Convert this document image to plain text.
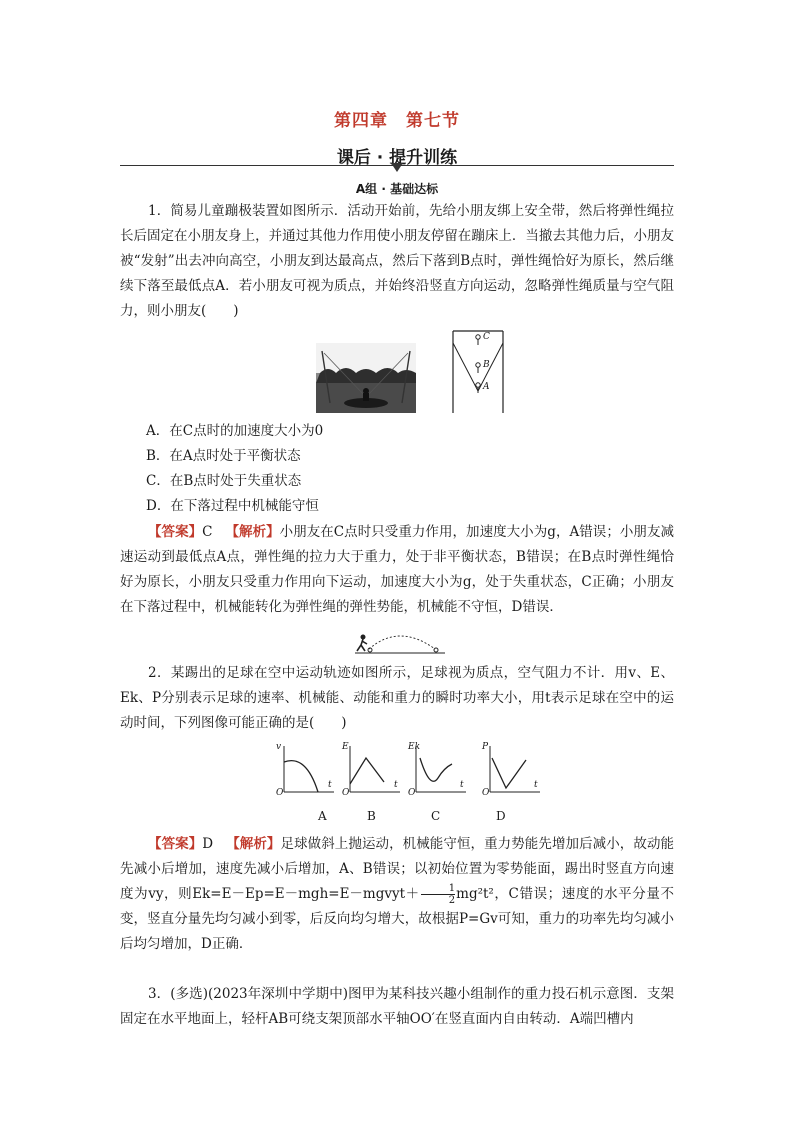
第四章　第七节
课后 · 提升训练
A组 · 基础达标

1．简易儿童蹦极装置如图所示．活动开始前，先给小朋友绑上安全带，然后将弹性绳拉长后固定在小朋友身上，并通过其他力作用使小朋友停留在蹦床上．当撤去其他力后，小朋友被“发射”出去冲向高空，小朋友到达最高点，然后下落到B点时，弹性绳恰好为原长，然后继续下落至最低点A．若小朋友可视为质点，并始终沿竖直方向运动，忽略弹性绳质量与空气阻力，则小朋友(　　)

C
B
A
A．在C点时的加速度大小为0
B．在A点时处于平衡状态
C．在B点时处于失重状态
D．在下落过程中机械能守恒

【答案】C 【解析】小朋友在C点时只受重力作用，加速度大小为g，A错误；小朋友减速运动到最低点A点，弹性绳的拉力大于重力，处于非平衡状态，B错误；在B点时弹性绳恰好为原长，小朋友只受重力作用向下运动，加速度大小为g，处于失重状态，C正确；小朋友在下落过程中，机械能转化为弹性绳的弹性势能，机械能不守恒，D错误．

2．某踢出的足球在空中运动轨迹如图所示，足球视为质点，空气阻力不计．用v、E、Ek、P分别表示足球的速率、机械能、动能和重力的瞬时功率大小，用t表示足球在空中的运动时间，下列图像可能正确的是(　　)

v
t
O
E
t
O
Ek
t
O
P
t
O
A	B	C	D

【答案】D 【解析】足球做斜上抛运动，机械能守恒，重力势能先增加后减小，故动能先减小后增加，速度先减小后增加，A、B错误；以初始位置为零势能面，踢出时竖直方向速度为vy，则Ek=E－Ep=E－mgh=E－mgvyt＋ $\frac{1}{2} mg^2t^2$，C错误；速度的水平分量不变，竖直分量先均匀减小到零，后反向均匀增大，故根据P=Gv可知，重力的功率先均匀减小后均匀增加，D正确．

3．(多选)(2023年深圳中学期中)图甲为某科技兴趣小组制作的重力投石机示意图．支架固定在水平地面上，轻杆AB可绕支架顶部水平轴OO′在竖直面内自由转动．A端凹槽内
